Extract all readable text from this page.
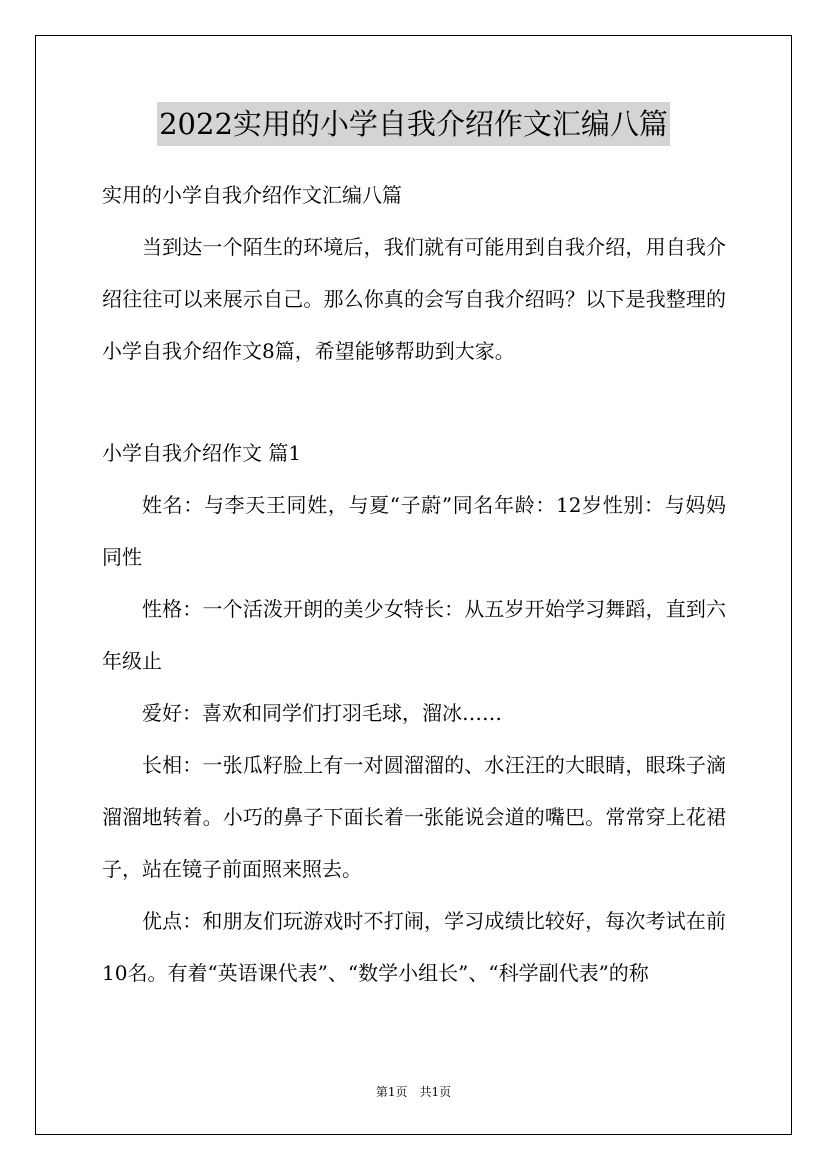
2022实用的小学自我介绍作文汇编八篇

实用的小学自我介绍作文汇编八篇

当到达一个陌生的环境后，我们就有可能用到自我介绍，用自我介绍往往可以来展示自己。那么你真的会写自我介绍吗？以下是我整理的小学自我介绍作文8篇，希望能够帮助到大家。

小学自我介绍作文 篇1

姓名：与李天王同姓，与夏“子蔚”同名年龄：12岁性别：与妈妈同性

性格：一个活泼开朗的美少女特长：从五岁开始学习舞蹈，直到六年级止

爱好：喜欢和同学们打羽毛球，溜冰……

长相：一张瓜籽脸上有一对圆溜溜的、水汪汪的大眼睛，眼珠子滴溜溜地转着。小巧的鼻子下面长着一张能说会道的嘴巴。常常穿上花裙子，站在镜子前面照来照去。

优点：和朋友们玩游戏时不打闹，学习成绩比较好，每次考试在前10名。有着“英语课代表”、“数学小组长”、“科学副代表”的称

第1页　共1页
